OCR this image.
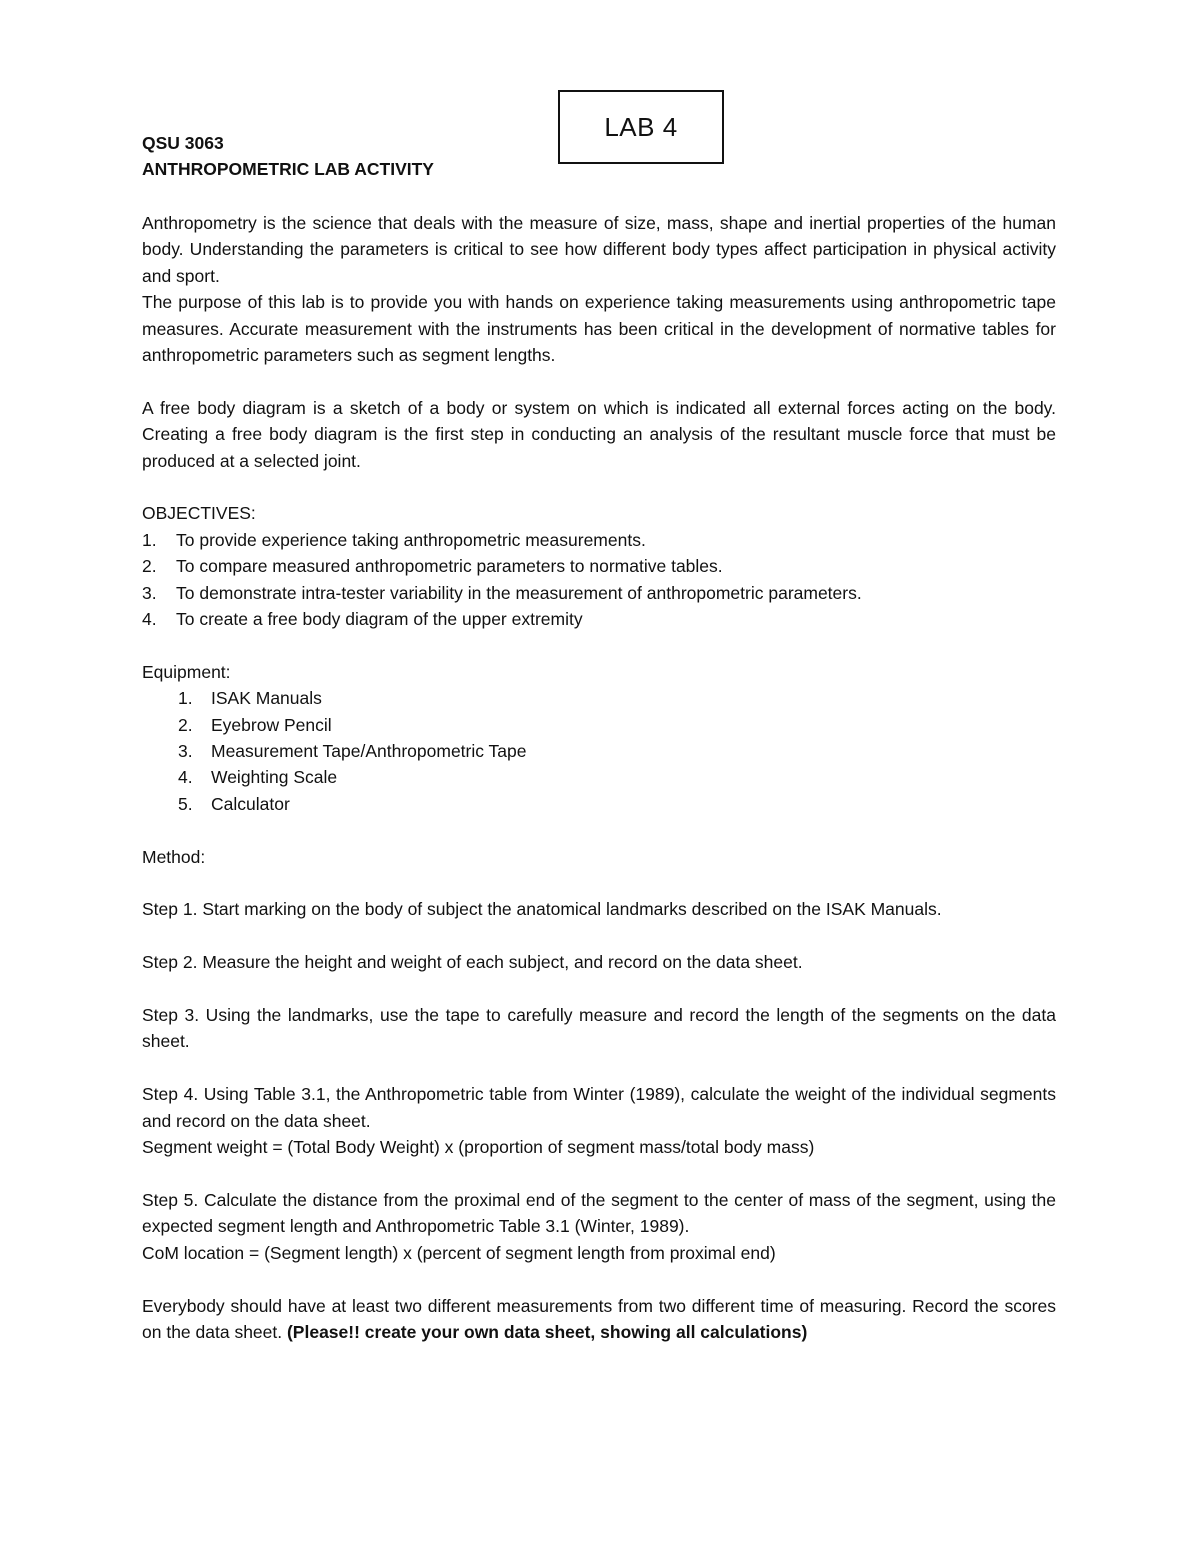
LAB 4
QSU 3063
ANTHROPOMETRIC LAB ACTIVITY

Anthropometry is the science that deals with the measure of size, mass, shape and inertial properties of the human body. Understanding the parameters is critical to see how different body types affect participation in physical activity and sport.

The purpose of this lab is to provide you with hands on experience taking measurements using anthropometric tape measures. Accurate measurement with the instruments has been critical in the development of normative tables for anthropometric parameters such as segment lengths.

A free body diagram is a sketch of a body or system on which is indicated all external forces acting on the body. Creating a free body diagram is the first step in conducting an analysis of the resultant muscle force that must be produced at a selected joint.

OBJECTIVES:
1. To provide experience taking anthropometric measurements.
2. To compare measured anthropometric parameters to normative tables.
3. To demonstrate intra-tester variability in the measurement of anthropometric parameters.
4. To create a free body diagram of the upper extremity
Equipment:
1. ISAK Manuals
2. Eyebrow Pencil
3. Measurement Tape/Anthropometric Tape
4. Weighting Scale
5. Calculator
Method:

Step 1. Start marking on the body of subject the anatomical landmarks described on the ISAK Manuals.

Step 2. Measure the height and weight of each subject, and record on the data sheet.

Step 3. Using the landmarks, use the tape to carefully measure and record the length of the segments on the data sheet.

Step 4. Using Table 3.1, the Anthropometric table from Winter (1989), calculate the weight of the individual segments and record on the data sheet.

Segment weight = (Total Body Weight) x (proportion of segment mass/total body mass)

Step 5. Calculate the distance from the proximal end of the segment to the center of mass of the segment, using the expected segment length and Anthropometric Table 3.1 (Winter, 1989).

CoM location = (Segment length) x (percent of segment length from proximal end)

Everybody should have at least two different measurements from two different time of measuring. Record the scores on the data sheet. (Please!! create your own data sheet, showing all calculations)
